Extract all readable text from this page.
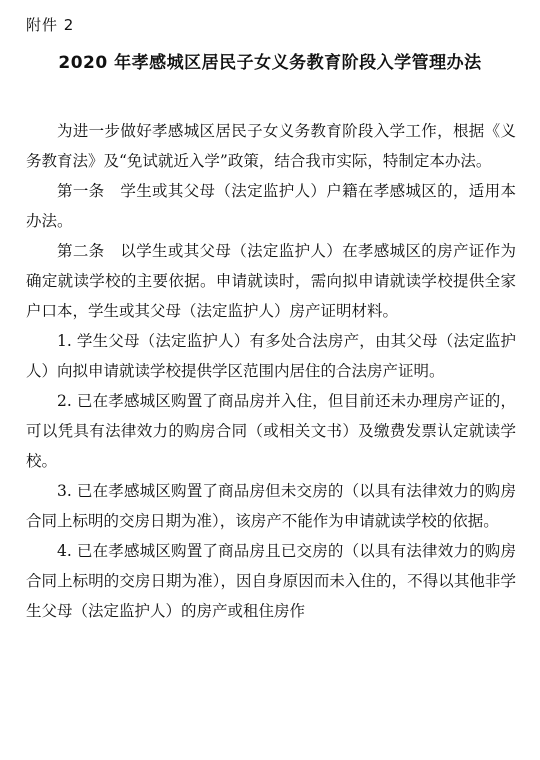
附件 2
2020 年孝感城区居民子女义务教育阶段入学管理办法

为进一步做好孝感城区居民子女义务教育阶段入学工作，根据《义务教育法》及“免试就近入学”政策，结合我市实际，特制定本办法。

第一条　学生或其父母（法定监护人）户籍在孝感城区的，适用本办法。

第二条　以学生或其父母（法定监护人）在孝感城区的房产证作为确定就读学校的主要依据。申请就读时，需向拟申请就读学校提供全家户口本，学生或其父母（法定监护人）房产证明材料。

1. 学生父母（法定监护人）有多处合法房产，由其父母（法定监护人）向拟申请就读学校提供学区范围内居住的合法房产证明。

2. 已在孝感城区购置了商品房并入住，但目前还未办理房产证的，可以凭具有法律效力的购房合同（或相关文书）及缴费发票认定就读学校。

3. 已在孝感城区购置了商品房但未交房的（以具有法律效力的购房合同上标明的交房日期为准），该房产不能作为申请就读学校的依据。

4. 已在孝感城区购置了商品房且已交房的（以具有法律效力的购房合同上标明的交房日期为准），因自身原因而未入住的，不得以其他非学生父母（法定监护人）的房产或租住房作
